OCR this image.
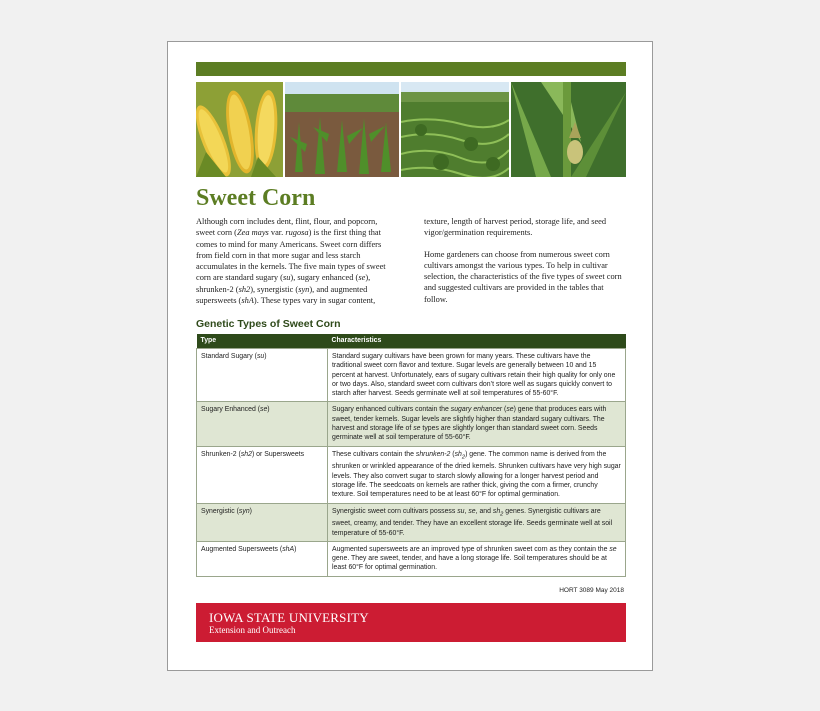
Sweet Corn

Although corn includes dent, flint, flour, and popcorn, sweet corn (Zea mays var. rugosa) is the first thing that comes to mind for many Americans. Sweet corn differs from field corn in that more sugar and less starch accumulates in the kernels. The five main types of sweet corn are standard sugary (su), sugary enhanced (se), shrunken-2 (sh2), synergistic (syn), and augmented supersweets (shA). These types vary in sugar content,

texture, length of harvest period, storage life, and seed vigor/germination requirements.

Home gardeners can choose from numerous sweet corn cultivars amongst the various types. To help in cultivar selection, the characteristics of the five types of sweet corn and suggested cultivars are provided in the tables that follow.

Genetic Types of Sweet Corn
Type	Characteristics
Standard Sugary (su)	Standard sugary cultivars have been grown for many years. These cultivars have the traditional sweet corn flavor and texture. Sugar levels are generally between 10 and 15 percent at harvest. Unfortunately, ears of sugary cultivars retain their high quality for only one or two days. Also, standard sweet corn cultivars don’t store well as sugars quickly convert to starch after harvest. Seeds germinate well at soil temperatures of 55-60°F.
Sugary Enhanced (se)	Sugary enhanced cultivars contain the sugary enhancer (se) gene that produces ears with sweet, tender kernels. Sugar levels are slightly higher than standard sugary cultivars. The harvest and storage life of se types are slightly longer than standard sweet corn. Seeds germinate well at soil temperature of 55-60°F.
Shrunken-2 (sh2) or Supersweets	These cultivars contain the shrunken-2 $(sh_2)$ gene. The common name is derived from the shrunken or wrinkled appearance of the dried kernels. Shrunken cultivars have very high sugar levels. They also convert sugar to starch slowly allowing for a longer harvest period and storage life. The seedcoats on kernels are rather thick, giving the corn a firmer, crunchy texture. Soil temperatures need to be at least 60°F for optimal germination.
Synergistic (syn)	Synergistic sweet corn cultivars possess su, se, and $sh_2$ genes. Synergistic cultivars are sweet, creamy, and tender. They have an excellent storage life. Seeds germinate well at soil temperature of 55-60°F.
Augmented Supersweets (shA)	Augmented supersweets are an improved type of shrunken sweet corn as they contain the se gene. They are sweet, tender, and have a long storage life. Soil temperatures should be at least 60°F for optimal germination.
HORT 3089 May 2018
IOWA STATE UNIVERSITY
Extension and Outreach
